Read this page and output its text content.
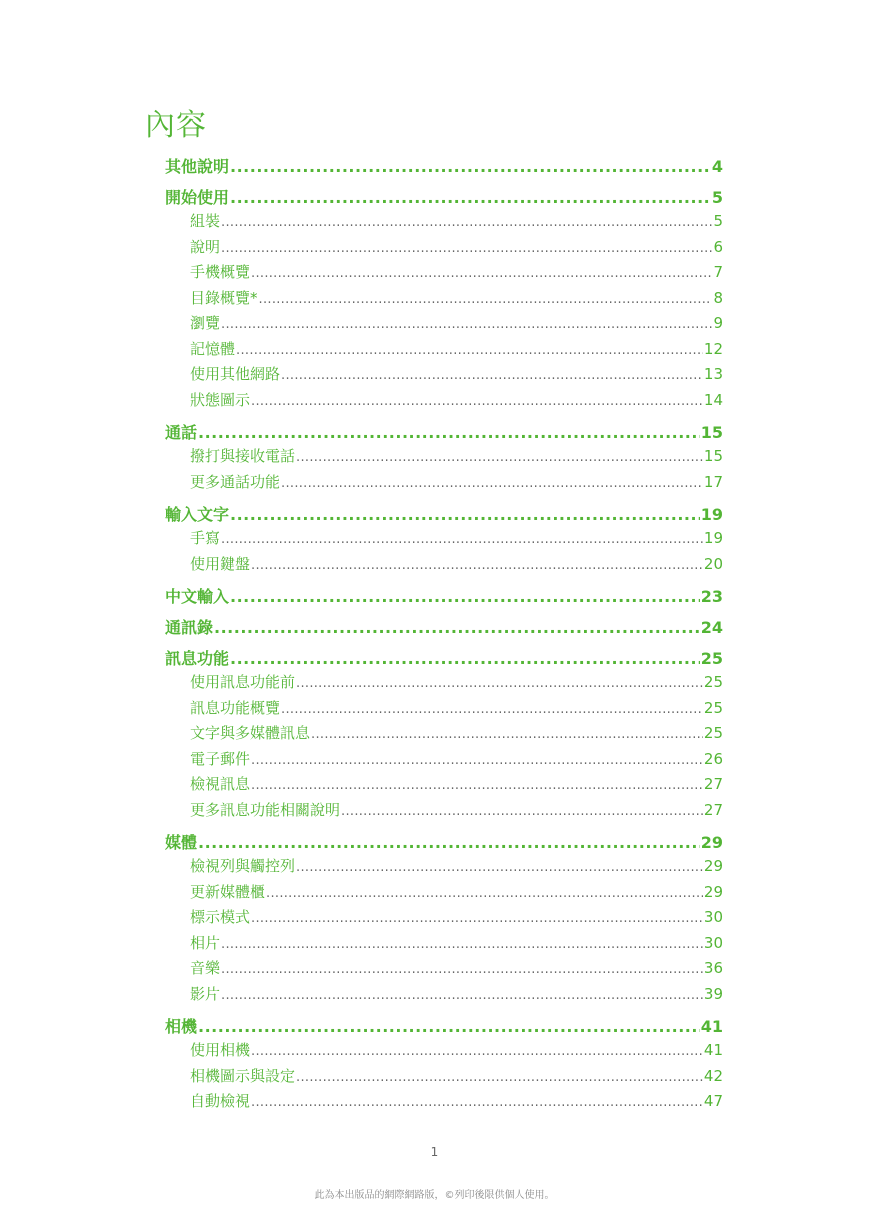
內容
其他說明 .....	4
開始使用 .....	5
組裝 .....	5
說明 .....	6
手機概覽 .....	7
目錄概覽* .....	8
瀏覽 .....	9
記憶體 .....	12
使用其他網路 .....	13
狀態圖示 .....	14
通話 .....	15
撥打與接收電話 .....	15
更多通話功能 .....	17
輸入文字 .....	19
手寫 .....	19
使用鍵盤 .....	20
中文輸入 .....	23
通訊錄 .....	24
訊息功能 .....	25
使用訊息功能前 .....	25
訊息功能概覽 .....	25
文字與多媒體訊息 .....	25
電子郵件 .....	26
檢視訊息 .....	27
更多訊息功能相關說明 .....	27
媒體 .....	29
檢視列與觸控列 .....	29
更新媒體櫃 .....	29
標示模式 .....	30
相片 .....	30
音樂 .....	36
影片 .....	39
相機 .....	41
使用相機 .....	41
相機圖示與設定 .....	42
自動檢視 .....	47
1
此為本出版品的網際網路版，©列印後限供個人使用。
